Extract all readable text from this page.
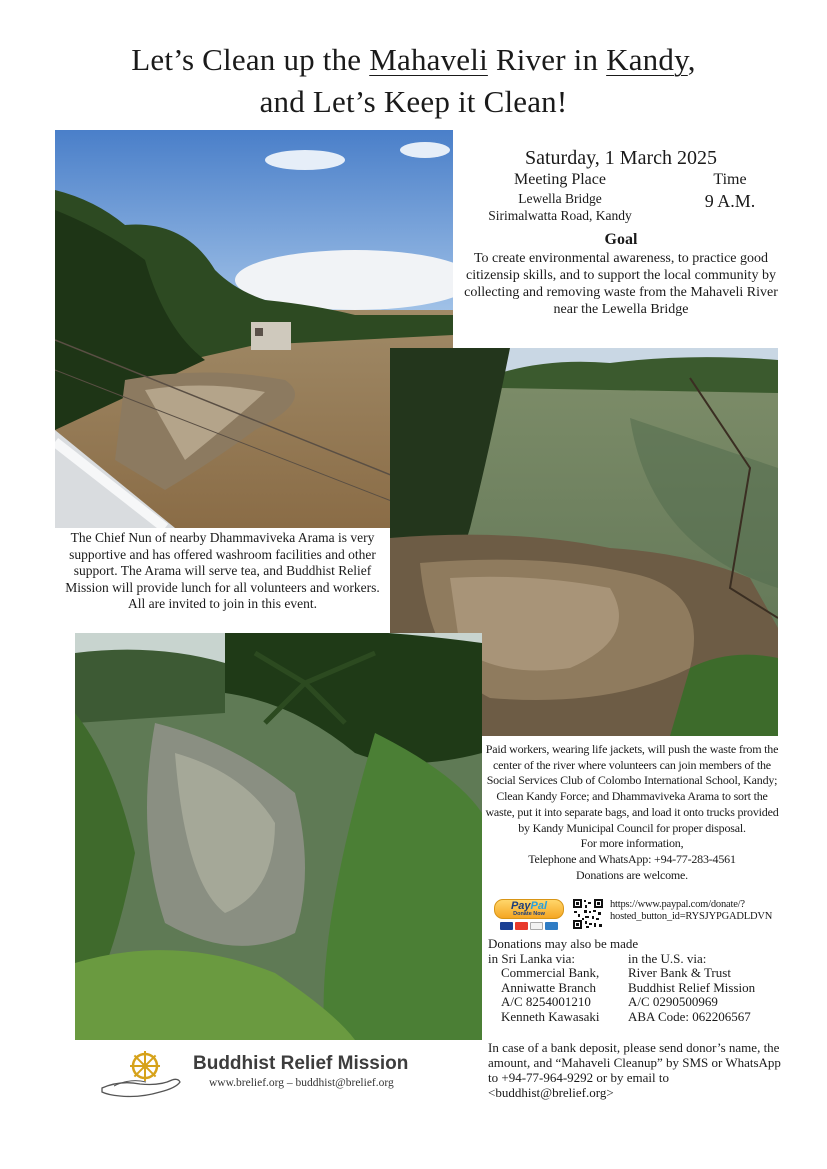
Let’s Clean up the Mahaveli River in Kandy,
and Let’s Keep it Clean!
Saturday, 1 March 2025
Meeting Place
Lewella Bridge
Sirimalwatta Road, Kandy
Time
9 A.M.
Goal
To create environmental awareness, to practice good citizensip skills, and to support the local community by collecting and removing waste from the Mahaveli River near the Lewella Bridge
The Chief Nun of nearby Dhammaviveka Arama is very supportive and has offered washroom facilities and other support. The Arama will serve tea, and Buddhist Relief Mission will provide lunch for all volunteers and workers.
All are invited to join in this event.

Paid workers, wearing life jackets, will push the waste from the center of the river where volunteers can join members of the Social Services Club of Colombo International School, Kandy; Clean Kandy Force; and Dhammaviveka Arama to sort the waste, put it into separate bags, and load it onto trucks provided by Kandy Municipal Council for proper disposal.

For more information,

Telephone and WhatsApp: +94-77-283-4561

Donations are welcome.

PayPal
Donate Now
https://www.paypal.com/donate/?hosted_button_id=RYSJYPGADLDVN
Donations may also be made
in Sri Lanka via:	in the U.S. via:
Commercial Bank,
Anniwatte Branch
A/C 8254001210
Kenneth Kawasaki
River Bank & Trust
Buddhist Relief Mission
A/C 0290500969
ABA Code: 062206567
In case of a bank deposit, please send donor’s name, the amount, and “Mahaveli Cleanup” by SMS or WhatsApp to +94-77-964-9292 or by email to <buddhist@brelief.org>
Buddhist Relief Mission
www.brelief.org – buddhist@brelief.org
